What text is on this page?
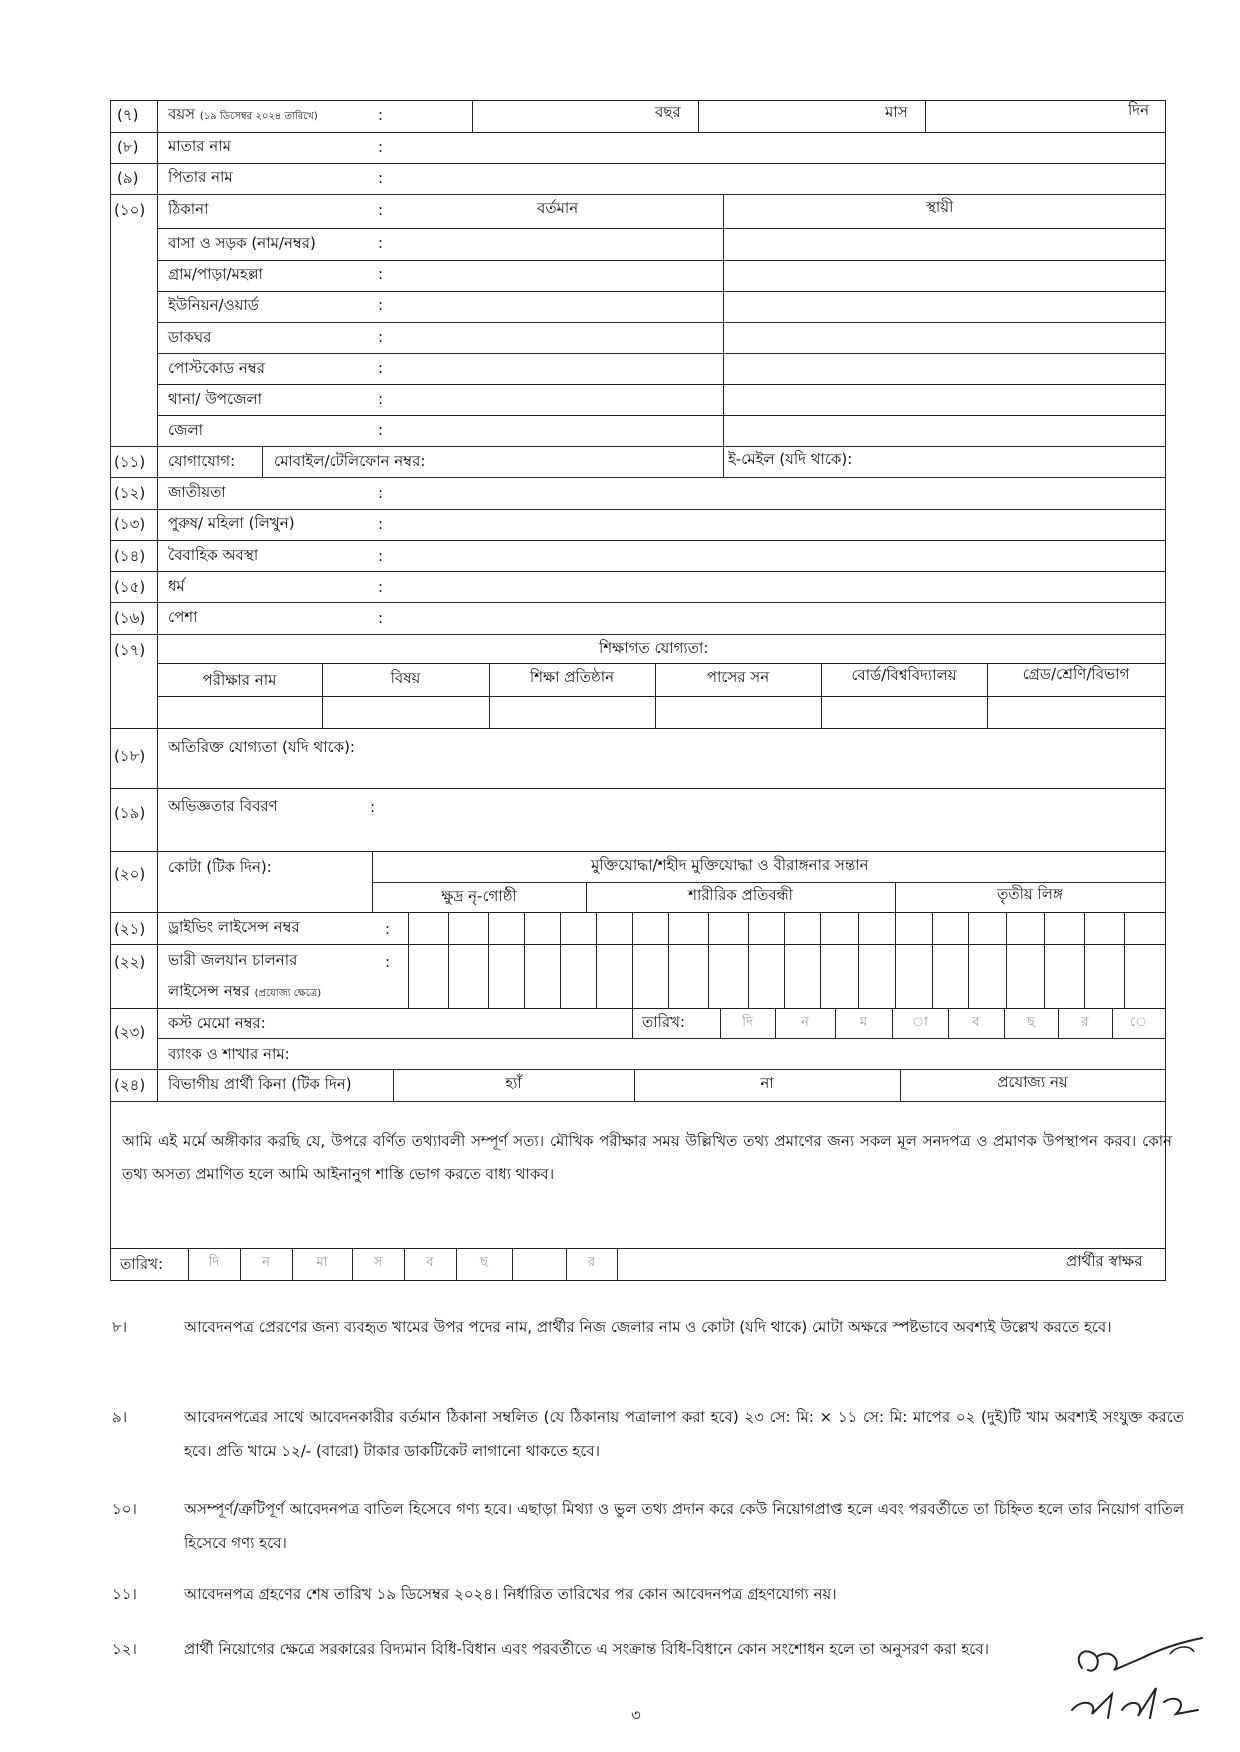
(৭) বয়স (১৯ ডিসেম্বর ২০২৪ তারিখে)	:	বছর	মাস	দিন
(৮) মাতার নাম	:
(৯) পিতার নাম	:
(১০) ঠিকানা	:	বর্তমান	স্থায়ী
বাসা ও সড়ক (নাম/নম্বর)	:
গ্রাম/পাড়া/মহল্লা	:
ইউনিয়ন/ওয়ার্ড	:
ডাকঘর	:
পোস্টকোড নম্বর	:
থানা/ উপজেলা	:
জেলা	:
(১১) যোগাযোগ:	মোবাইল/টেলিফোন নম্বর:	ই-মেইল (যদি থাকে):
(১২) জাতীয়তা	:
(১৩) পুরুষ/ মহিলা (লিখুন)	:
(১৪) বৈবাহিক অবস্থা	:
(১৫) ধর্ম	:
(১৬) পেশা	:
(১৭)	শিক্ষাগত যোগ্যতা:
পরীক্ষার নাম	বিষয়	শিক্ষা প্রতিষ্ঠান	পাসের সন	বোর্ড/বিশ্ববিদ্যালয়	গ্রেড/শ্রেণি/বিভাগ
(১৮) অতিরিক্ত যোগ্যতা (যদি থাকে):
(১৯) অভিজ্ঞতার বিবরণ	:
(২০) কোটা (টিক দিন):	মুক্তিযোদ্ধা/শহীদ মুক্তিযোদ্ধা ও বীরাঙ্গনার সন্তান
ক্ষুদ্র নৃ-গোষ্ঠী	শারীরিক প্রতিবন্ধী	তৃতীয় লিঙ্গ
(২১) ড্রাইভিং লাইসেন্স নম্বর	:
(২২) ভারী জলযান চালনার	:
লাইসেন্স নম্বর (প্রযোজ্য ক্ষেত্রে)
(২৩) কস্ট মেমো নম্বর:	তারিখ:	দি	ন	ম	া	ব	ছ	র	ে
ব্যাংক ও শাখার নাম:
(২৪) বিভাগীয় প্রার্থী কিনা (টিক দিন)	হ্যাঁ	না	প্রযোজ্য নয়
আমি এই মর্মে অঙ্গীকার করছি যে, উপরে বর্ণিত তথ্যাবলী সম্পূর্ণ সত্য। মৌখিক পরীক্ষার সময় উল্লিখিত তথ্য প্রমাণের জন্য সকল মূল সনদপত্র ও প্রমাণক উপস্থাপন করব। কোন তথ্য অসত্য প্রমাণিত হলে আমি আইনানুগ শাস্তি ভোগ করতে বাধ্য থাকব।
তারিখ:	দি	ন	মা	স	ব	ছ	র	প্রার্থীর স্বাক্ষর
৮।	আবেদনপত্র প্রেরণের জন্য ব্যবহৃত খামের উপর পদের নাম, প্রার্থীর নিজ জেলার নাম ও কোটা (যদি থাকে) মোটা অক্ষরে স্পষ্টভাবে অবশ্যই উল্লেখ করতে হবে।
৯।	আবেদনপত্রের সাথে আবেদনকারীর বর্তমান ঠিকানা সম্বলিত (যে ঠিকানায় পত্রালাপ করা হবে) ২৩ সে: মি: × ১১ সে: মি: মাপের ০২ (দুই)টি খাম অবশ্যই সংযুক্ত করতে হবে। প্রতি খামে ১২/- (বারো) টাকার ডাকটিকেট লাগানো থাকতে হবে।
১০।	অসম্পূর্ণ/ত্রুটিপূর্ণ আবেদনপত্র বাতিল হিসেবে গণ্য হবে। এছাড়া মিথ্যা ও ভুল তথ্য প্রদান করে কেউ নিয়োগপ্রাপ্ত হলে এবং পরবর্তীতে তা চিহ্নিত হলে তার নিয়োগ বাতিল হিসেবে গণ্য হবে।
১১।	আবেদনপত্র গ্রহণের শেষ তারিখ ১৯ ডিসেম্বর ২০২৪। নির্ধারিত তারিখের পর কোন আবেদনপত্র গ্রহণযোগ্য নয়।
১২।	প্রার্থী নিয়োগের ক্ষেত্রে সরকারের বিদ্যমান বিধি-বিধান এবং পরবর্তীতে এ সংক্রান্ত বিধি-বিধানে কোন সংশোধন হলে তা অনুসরণ করা হবে।
৩
